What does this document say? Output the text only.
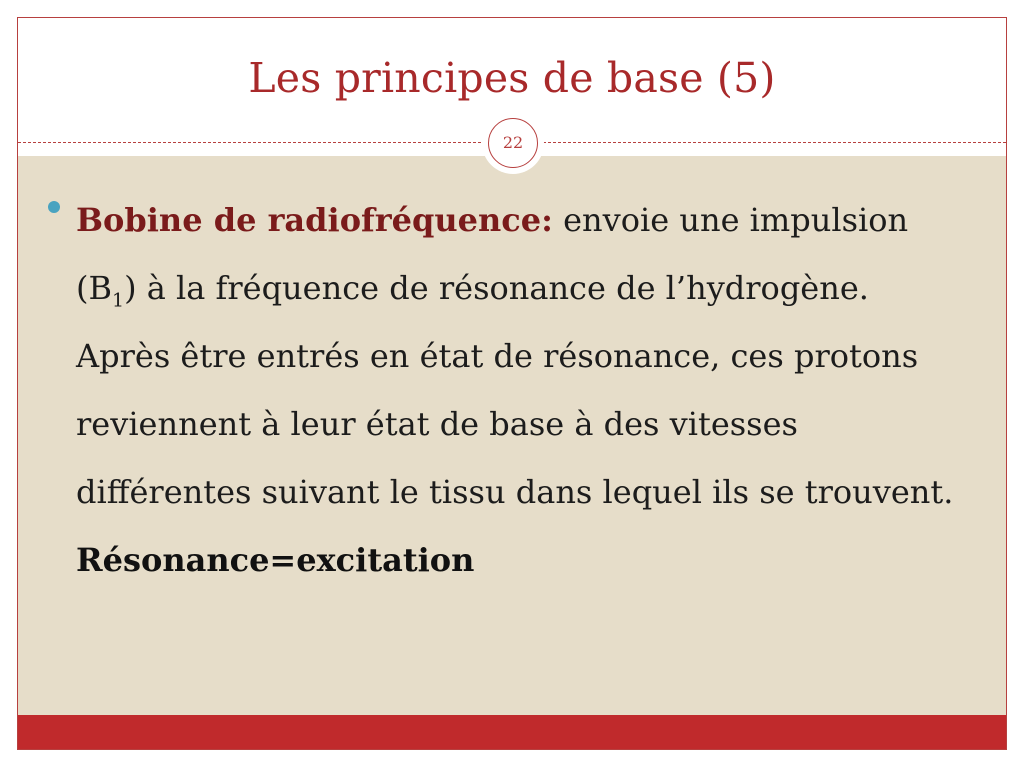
Les principes de base (5)
22
Bobine de radiofréquence: envoie une impulsion $(B_1)$ à la fréquence de résonance de l’hydrogène. Après être entrés en état de résonance, ces protons reviennent à leur état de base à des vitesses différentes suivant le tissu dans lequel ils se trouvent. Résonance=excitation
